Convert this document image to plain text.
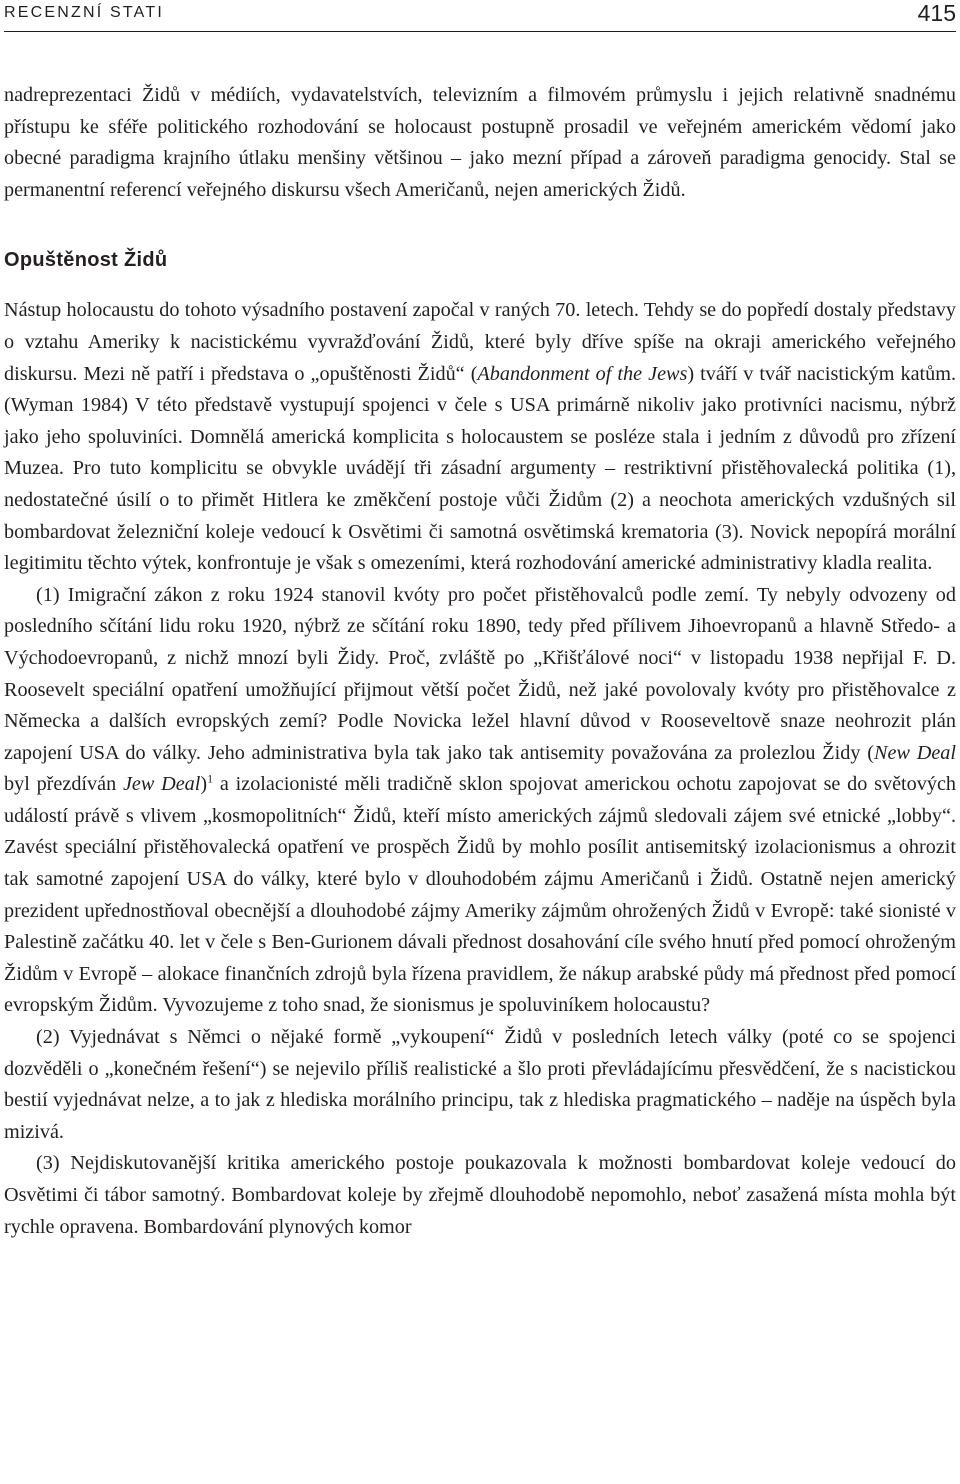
RECENZNÍ STATI	415

nadreprezentaci Židů v médiích, vydavatelstvích, televizním a filmovém průmyslu i jejich relativně snadnému přístupu ke sféře politického rozhodování se holocaust postupně prosadil ve veřejném americkém vědomí jako obecné paradigma krajního útlaku menšiny většinou – jako mezní případ a zároveň paradigma genocidy. Stal se permanentní referencí veřejného diskursu všech Američanů, nejen amerických Židů.

Opuštěnost Židů

Nástup holocaustu do tohoto výsadního postavení započal v raných 70. letech. Tehdy se do popředí dostaly představy o vztahu Ameriky k nacistickému vyvražďování Židů, které byly dříve spíše na okraji amerického veřejného diskursu. Mezi ně patří i představa o „opuštěnosti Židů“ (Abandonment of the Jews) tváří v tvář nacistickým katům. (Wyman 1984) V této představě vystupují spojenci v čele s USA primárně nikoliv jako protivníci nacismu, nýbrž jako jeho spoluviníci. Domnělá americká komplicita s holocaustem se posléze stala i jedním z důvodů pro zřízení Muzea. Pro tuto komplicitu se obvykle uvádějí tři zásadní argumenty – restriktivní přistěhovalecká politika (1), nedostatečné úsilí o to přimět Hitlera ke změkčení postoje vůči Židům (2) a neochota amerických vzdušných sil bombardovat železniční koleje vedoucí k Osvětimi či samotná osvětimská krematoria (3). Novick nepopírá morální legitimitu těchto výtek, konfrontuje je však s omezeními, která rozhodování americké administrativy kladla realita.

(1) Imigrační zákon z roku 1924 stanovil kvóty pro počet přistěhovalců podle zemí. Ty nebyly odvozeny od posledního sčítání lidu roku 1920, nýbrž ze sčítání roku 1890, tedy před přílivem Jihoevropanů a hlavně Středo- a Východoevropanů, z nichž mnozí byli Židy. Proč, zvláště po „Křišťálové noci“ v listopadu 1938 nepřijal F. D. Roosevelt speciální opatření umožňující přijmout větší počet Židů, než jaké povolovaly kvóty pro přistěhovalce z Německa a dalších evropských zemí? Podle Novicka ležel hlavní důvod v Rooseveltově snaze neohrozit plán zapojení USA do války. Jeho administrativa byla tak jako tak antisemity považována za prolezlou Židy (New Deal byl přezdíván Jew Deal)$^1$ a izolacionisté měli tradičně sklon spojovat americkou ochotu zapojovat se do světových událostí právě s vlivem „kosmopolitních“ Židů, kteří místo amerických zájmů sledovali zájem své etnické „lobby“. Zavést speciální přistěhovalecká opatření ve prospěch Židů by mohlo posílit antisemitský izolacionismus a ohrozit tak samotné zapojení USA do války, které bylo v dlouhodobém zájmu Američanů i Židů. Ostatně nejen americký prezident upřednostňoval obecnější a dlouhodobé zájmy Ameriky zájmům ohrožených Židů v Evropě: také sionisté v Palestině začátku 40. let v čele s Ben-Gurionem dávali přednost dosahování cíle svého hnutí před pomocí ohroženým Židům v Evropě – alokace finančních zdrojů byla řízena pravidlem, že nákup arabské půdy má přednost před pomocí evropským Židům. Vyvozujeme z toho snad, že sionismus je spoluviníkem holocaustu?

(2) Vyjednávat s Němci o nějaké formě „vykoupení“ Židů v posledních letech války (poté co se spojenci dozvěděli o „konečném řešení“) se nejevilo příliš realistické a šlo proti převládajícímu přesvědčení, že s nacistickou bestií vyjednávat nelze, a to jak z hlediska morálního principu, tak z hlediska pragmatického – naděje na úspěch byla mizivá.

(3) Nejdiskutovanější kritika amerického postoje poukazovala k možnosti bombardovat koleje vedoucí do Osvětimi či tábor samotný. Bombardovat koleje by zřejmě dlouhodobě nepomohlo, neboť zasažená místa mohla být rychle opravena. Bombardování plynových komor
